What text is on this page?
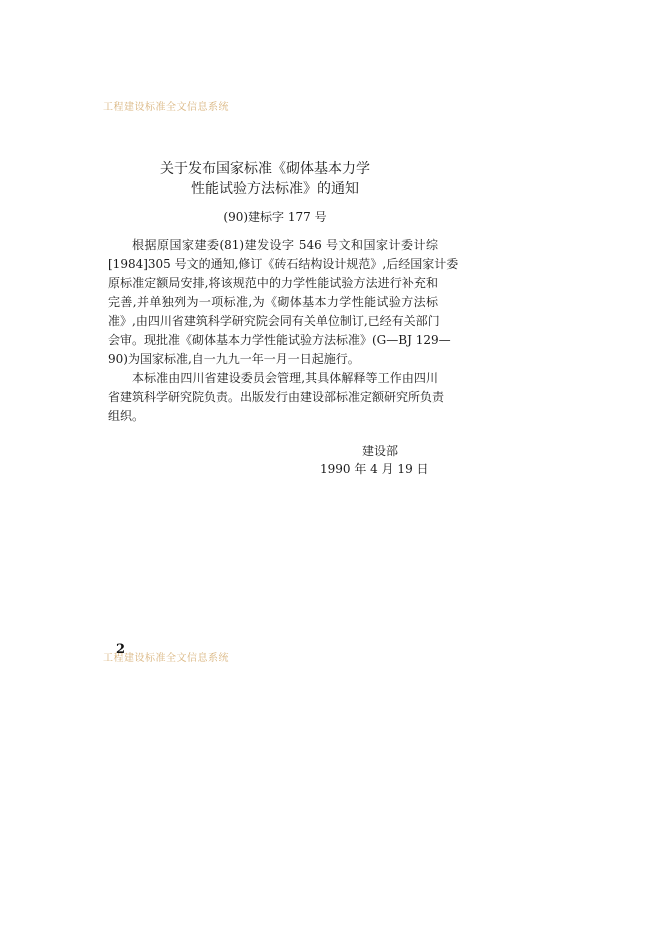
工程建设标准全文信息系统
关于发布国家标准《砌体基本力学
性能试验方法标准》的通知
(90)建标字 177 号
根据原国家建委(81)建发设字 546 号文和国家计委计综
[1984]305 号文的通知,修订《砖石结构设计规范》,后经国家计委
原标准定额局安排,将该规范中的力学性能试验方法进行补充和
完善,并单独列为一项标准,为《砌体基本力学性能试验方法标
准》,由四川省建筑科学研究院会同有关单位制订,已经有关部门
会审。现批准《砌体基本力学性能试验方法标准》(G—BJ 129—
90)为国家标准,自一九九一年一月一日起施行。
本标准由四川省建设委员会管理,其具体解释等工作由四川
省建筑科学研究院负责。出版发行由建设部标准定额研究所负责
组织。
建设部
1990 年 4 月 19 日
工程建设标准全文信息系统
2
